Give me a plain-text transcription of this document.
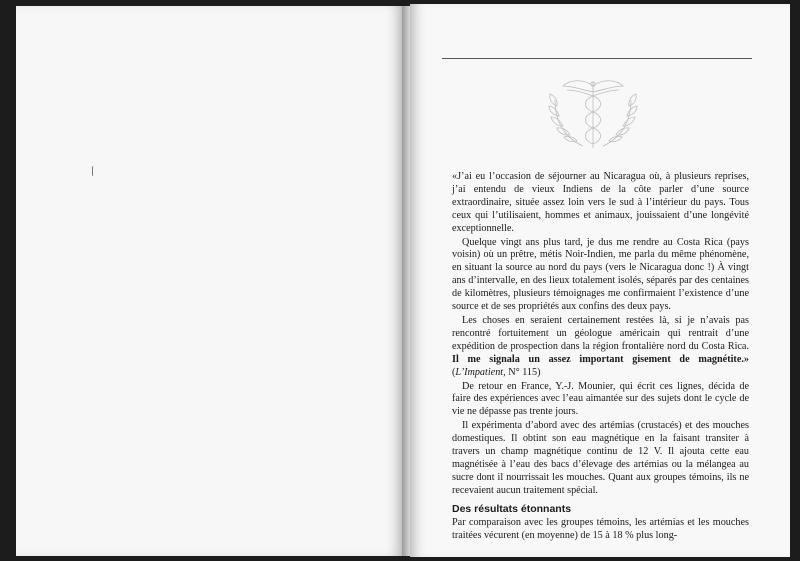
«J’ai eu l’occasion de séjourner au Nicaragua où, à plusieurs reprises, j’ai entendu de vieux Indiens de la côte parler d’une source extraordinaire, située assez loin vers le sud à l’intérieur du pays. Tous ceux qui l’utilisaient, hommes et animaux, jouissaient d’une longévité exceptionnelle.

Quelque vingt ans plus tard, je dus me rendre au Costa Rica (pays voisin) où un prêtre, métis Noir-Indien, me parla du même phénomène, en situant la source au nord du pays (vers le Nicaragua donc !) À vingt ans d’intervalle, en des lieux totalement isolés, séparés par des centaines de kilomètres, plusieurs témoignages me confirmaient l’existence d’une source et de ses propriétés aux confins des deux pays.

Les choses en seraient certainement restées là, si je n’avais pas rencontré fortuitement un géologue américain qui rentrait d’une expédition de prospection dans la région frontalière nord du Costa Rica. Il me signala un assez important gisement de magnétite.» (L’Impatient, N° 115)

De retour en France, Y.-J. Mounier, qui écrit ces lignes, décida de faire des expériences avec l’eau aimantée sur des sujets dont le cycle de vie ne dépasse pas trente jours.

Il expérimenta d’abord avec des artémias (crustacés) et des mouches domestiques. Il obtint son eau magnétique en la faisant transiter à travers un champ magnétique continu de 12 V. Il ajouta cette eau magnétisée à l’eau des bacs d’élevage des artémias ou la mélangea au sucre dont il nourrissait les mouches. Quant aux groupes témoins, ils ne recevaient aucun traitement spécial.

Des résultats étonnants

Par comparaison avec les groupes témoins, les artémias et les mouches traitées vécurent (en moyenne) de 15 à 18 % plus long-
